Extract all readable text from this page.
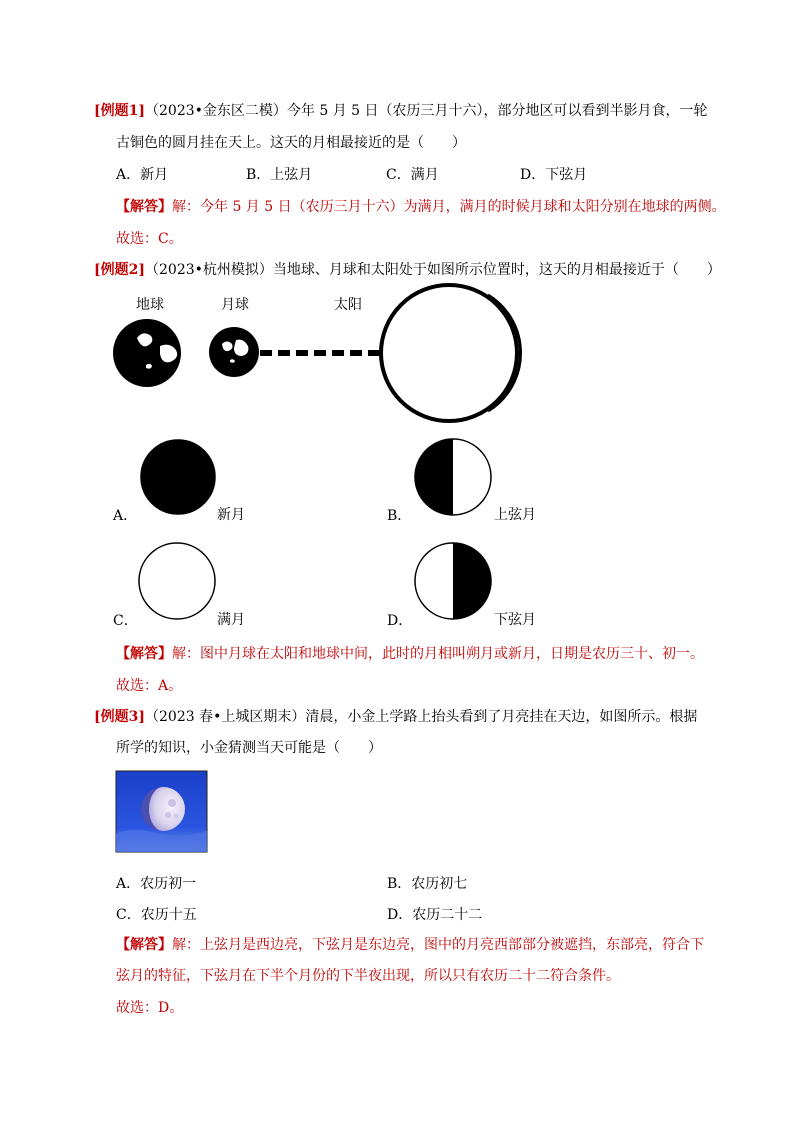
[例题1]（2023•金东区二模）今年 5 月 5 日（农历三月十六），部分地区可以看到半影月食，一轮
古铜色的圆月挂在天上。这天的月相最接近的是（　　）
A．新月	B．上弦月	C．满月	D．下弦月
【解答】解：今年 5 月 5 日（农历三月十六）为满月，满月的时候月球和太阳分别在地球的两侧。
故选：C。
[例题2]（2023•杭州模拟）当地球、月球和太阳处于如图所示位置时，这天的月相最接近于（　　）
地球	月球	太阳
A．	新月	B．	上弦月
C．	满月	D．	下弦月
【解答】解：图中月球在太阳和地球中间，此时的月相叫朔月或新月，日期是农历三十、初一。
故选：A。
[例题3]（2023 春•上城区期末）清晨，小金上学路上抬头看到了月亮挂在天边，如图所示。根据
所学的知识，小金猜测当天可能是（　　）
A．农历初一	B．农历初七
C．农历十五	D．农历二十二
【解答】解：上弦月是西边亮，下弦月是东边亮，图中的月亮西部部分被遮挡，东部亮，符合下
弦月的特征，下弦月在下半个月份的下半夜出现，所以只有农历二十二符合条件。
故选：D。
